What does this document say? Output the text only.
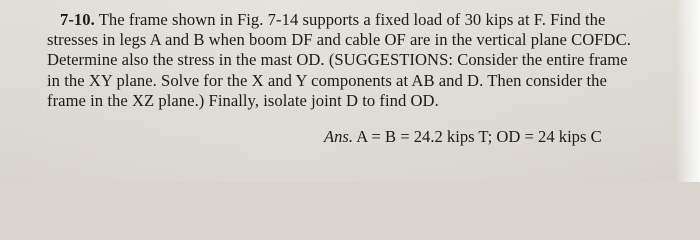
7-10. The frame shown in Fig. 7-14 supports a fixed load of 30 kips at F. Find the
stresses in legs A and B when boom DF and cable OF are in the vertical plane COFDC.
Determine also the stress in the mast OD. (SUGGESTIONS: Consider the entire frame
in the XY plane. Solve for the X and Y components at AB and D. Then consider the
frame in the XZ plane.) Finally, isolate joint D to find OD.
Ans. A = B = 24.2 kips T; OD = 24 kips C
